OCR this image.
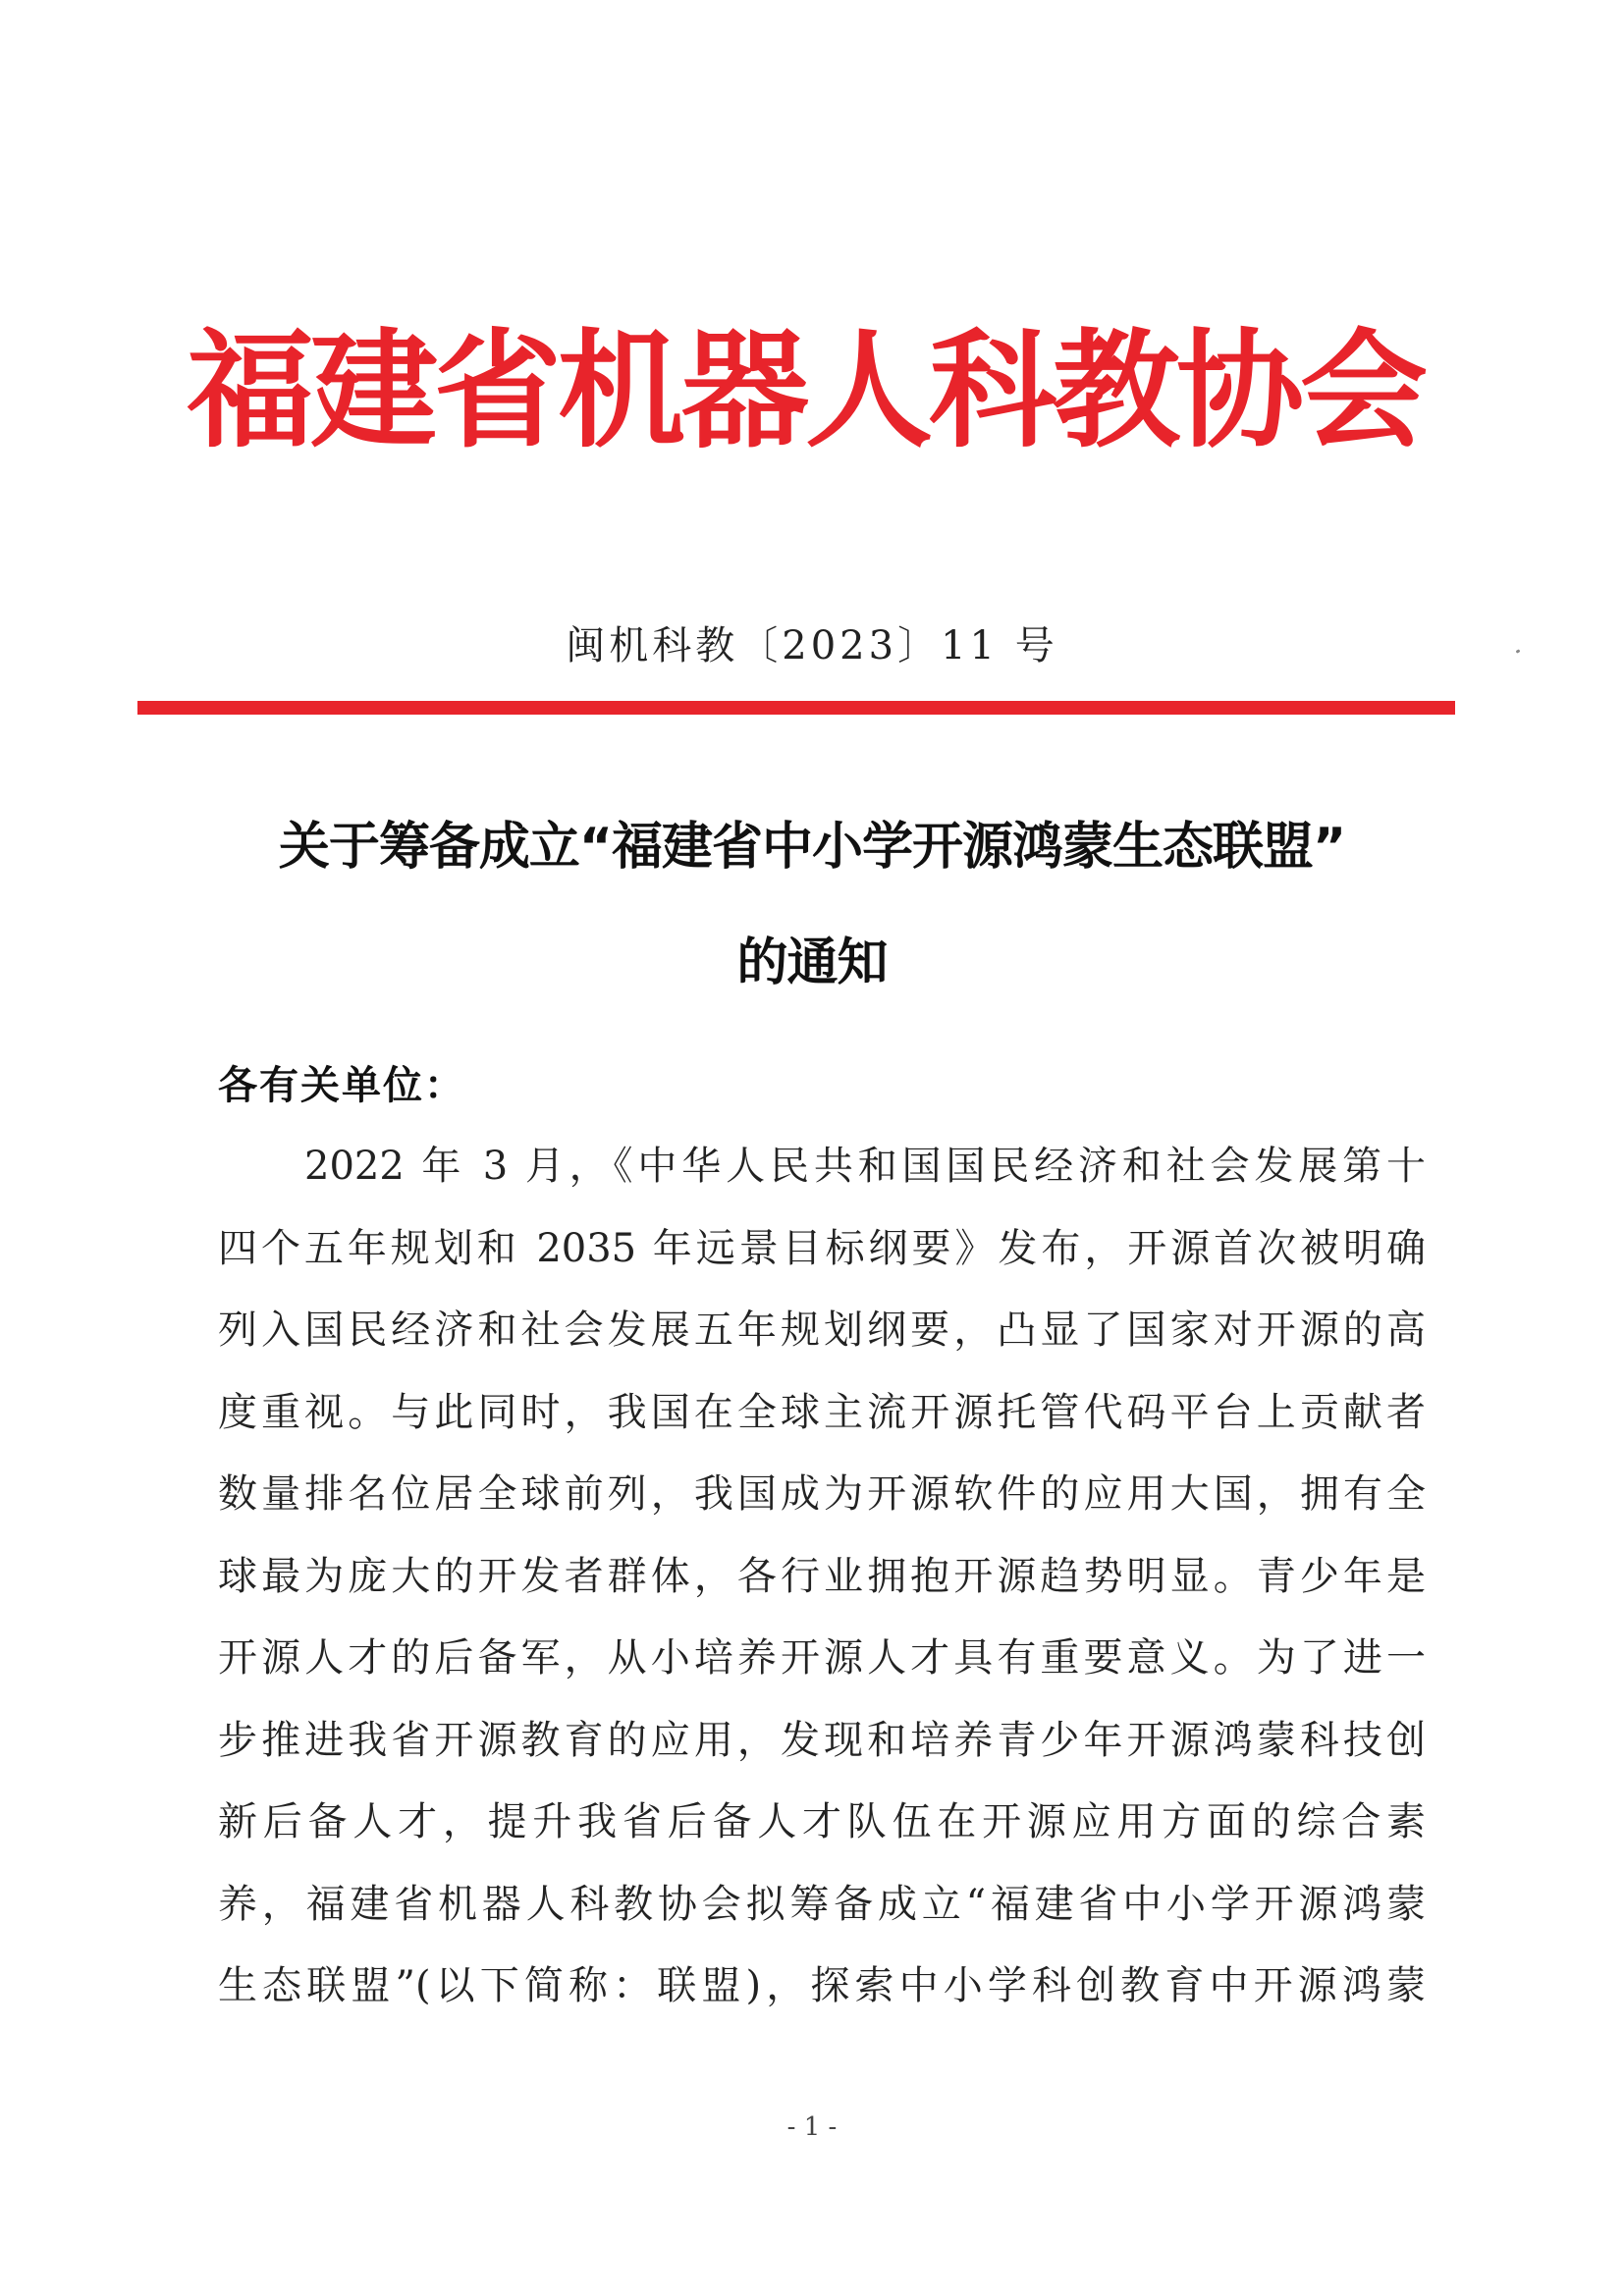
福建省机器人科教协会
闽机科教〔2023〕11 号
关于筹备成立“福建省中小学开源鸿蒙生态联盟”
的通知
各有关单位：
2022 年 3 月，《中华人民共和国国民经济和社会发展第十
四个五年规划和 2035 年远景目标纲要》发布，开源首次被明确
列入国民经济和社会发展五年规划纲要，凸显了国家对开源的高
度重视。与此同时，我国在全球主流开源托管代码平台上贡献者
数量排名位居全球前列，我国成为开源软件的应用大国，拥有全
球最为庞大的开发者群体，各行业拥抱开源趋势明显。青少年是
开源人才的后备军，从小培养开源人才具有重要意义。为了进一
步推进我省开源教育的应用，发现和培养青少年开源鸿蒙科技创
新后备人才，提升我省后备人才队伍在开源应用方面的综合素
养，福建省机器人科教协会拟筹备成立“福建省中小学开源鸿蒙
生态联盟”(以下简称：联盟)，探索中小学科创教育中开源鸿蒙
- 1 -
